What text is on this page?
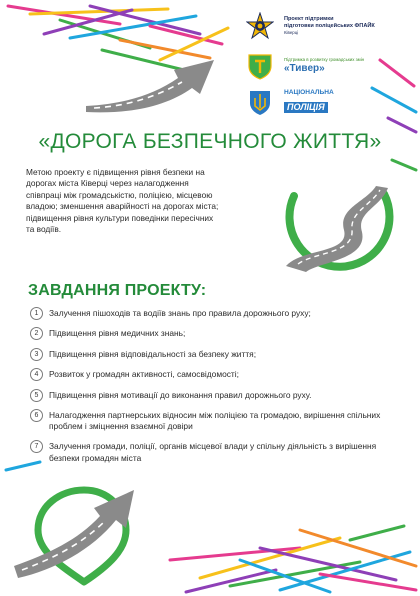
Проект підтримки
підготовки поліцейських ФПАЙК
Ківерці
Підтримка в розвитку громадських змін
«Тивер»
НАЦІОНАЛЬНА
ПОЛІЦІЯ
«ДОРОГА БЕЗПЕЧНОГО ЖИТТЯ»

Метою проекту є підвищення рівня безпеки на дорогах міста Ківерці через налагодження співпраці між громадськістю, поліцією, місцевою владою; зменшення аварійності на дорогах міста; підвищення рівня культури поведінки пересічних та водіїв.

ЗАВДАННЯ ПРОЕКТУ:
1	Залучення пішоходів та водіїв знань про правила дорожнього руху;
2	Підвищення рівня медичних знань;
3	Підвищення рівня відповідальності за безпеку життя;
4	Розвиток у громадян активності, самосвідомості;
5	Підвищення рівня мотивації до виконання правил дорожнього руху.
6	Налагодження партнерських відносин між поліцією та громадою, вирішення спільних проблем і зміцнення взаємної довіри
7	Залучення громади, поліції, органів місцевої влади у спільну діяльність з вирішення безпеки громадян міста
